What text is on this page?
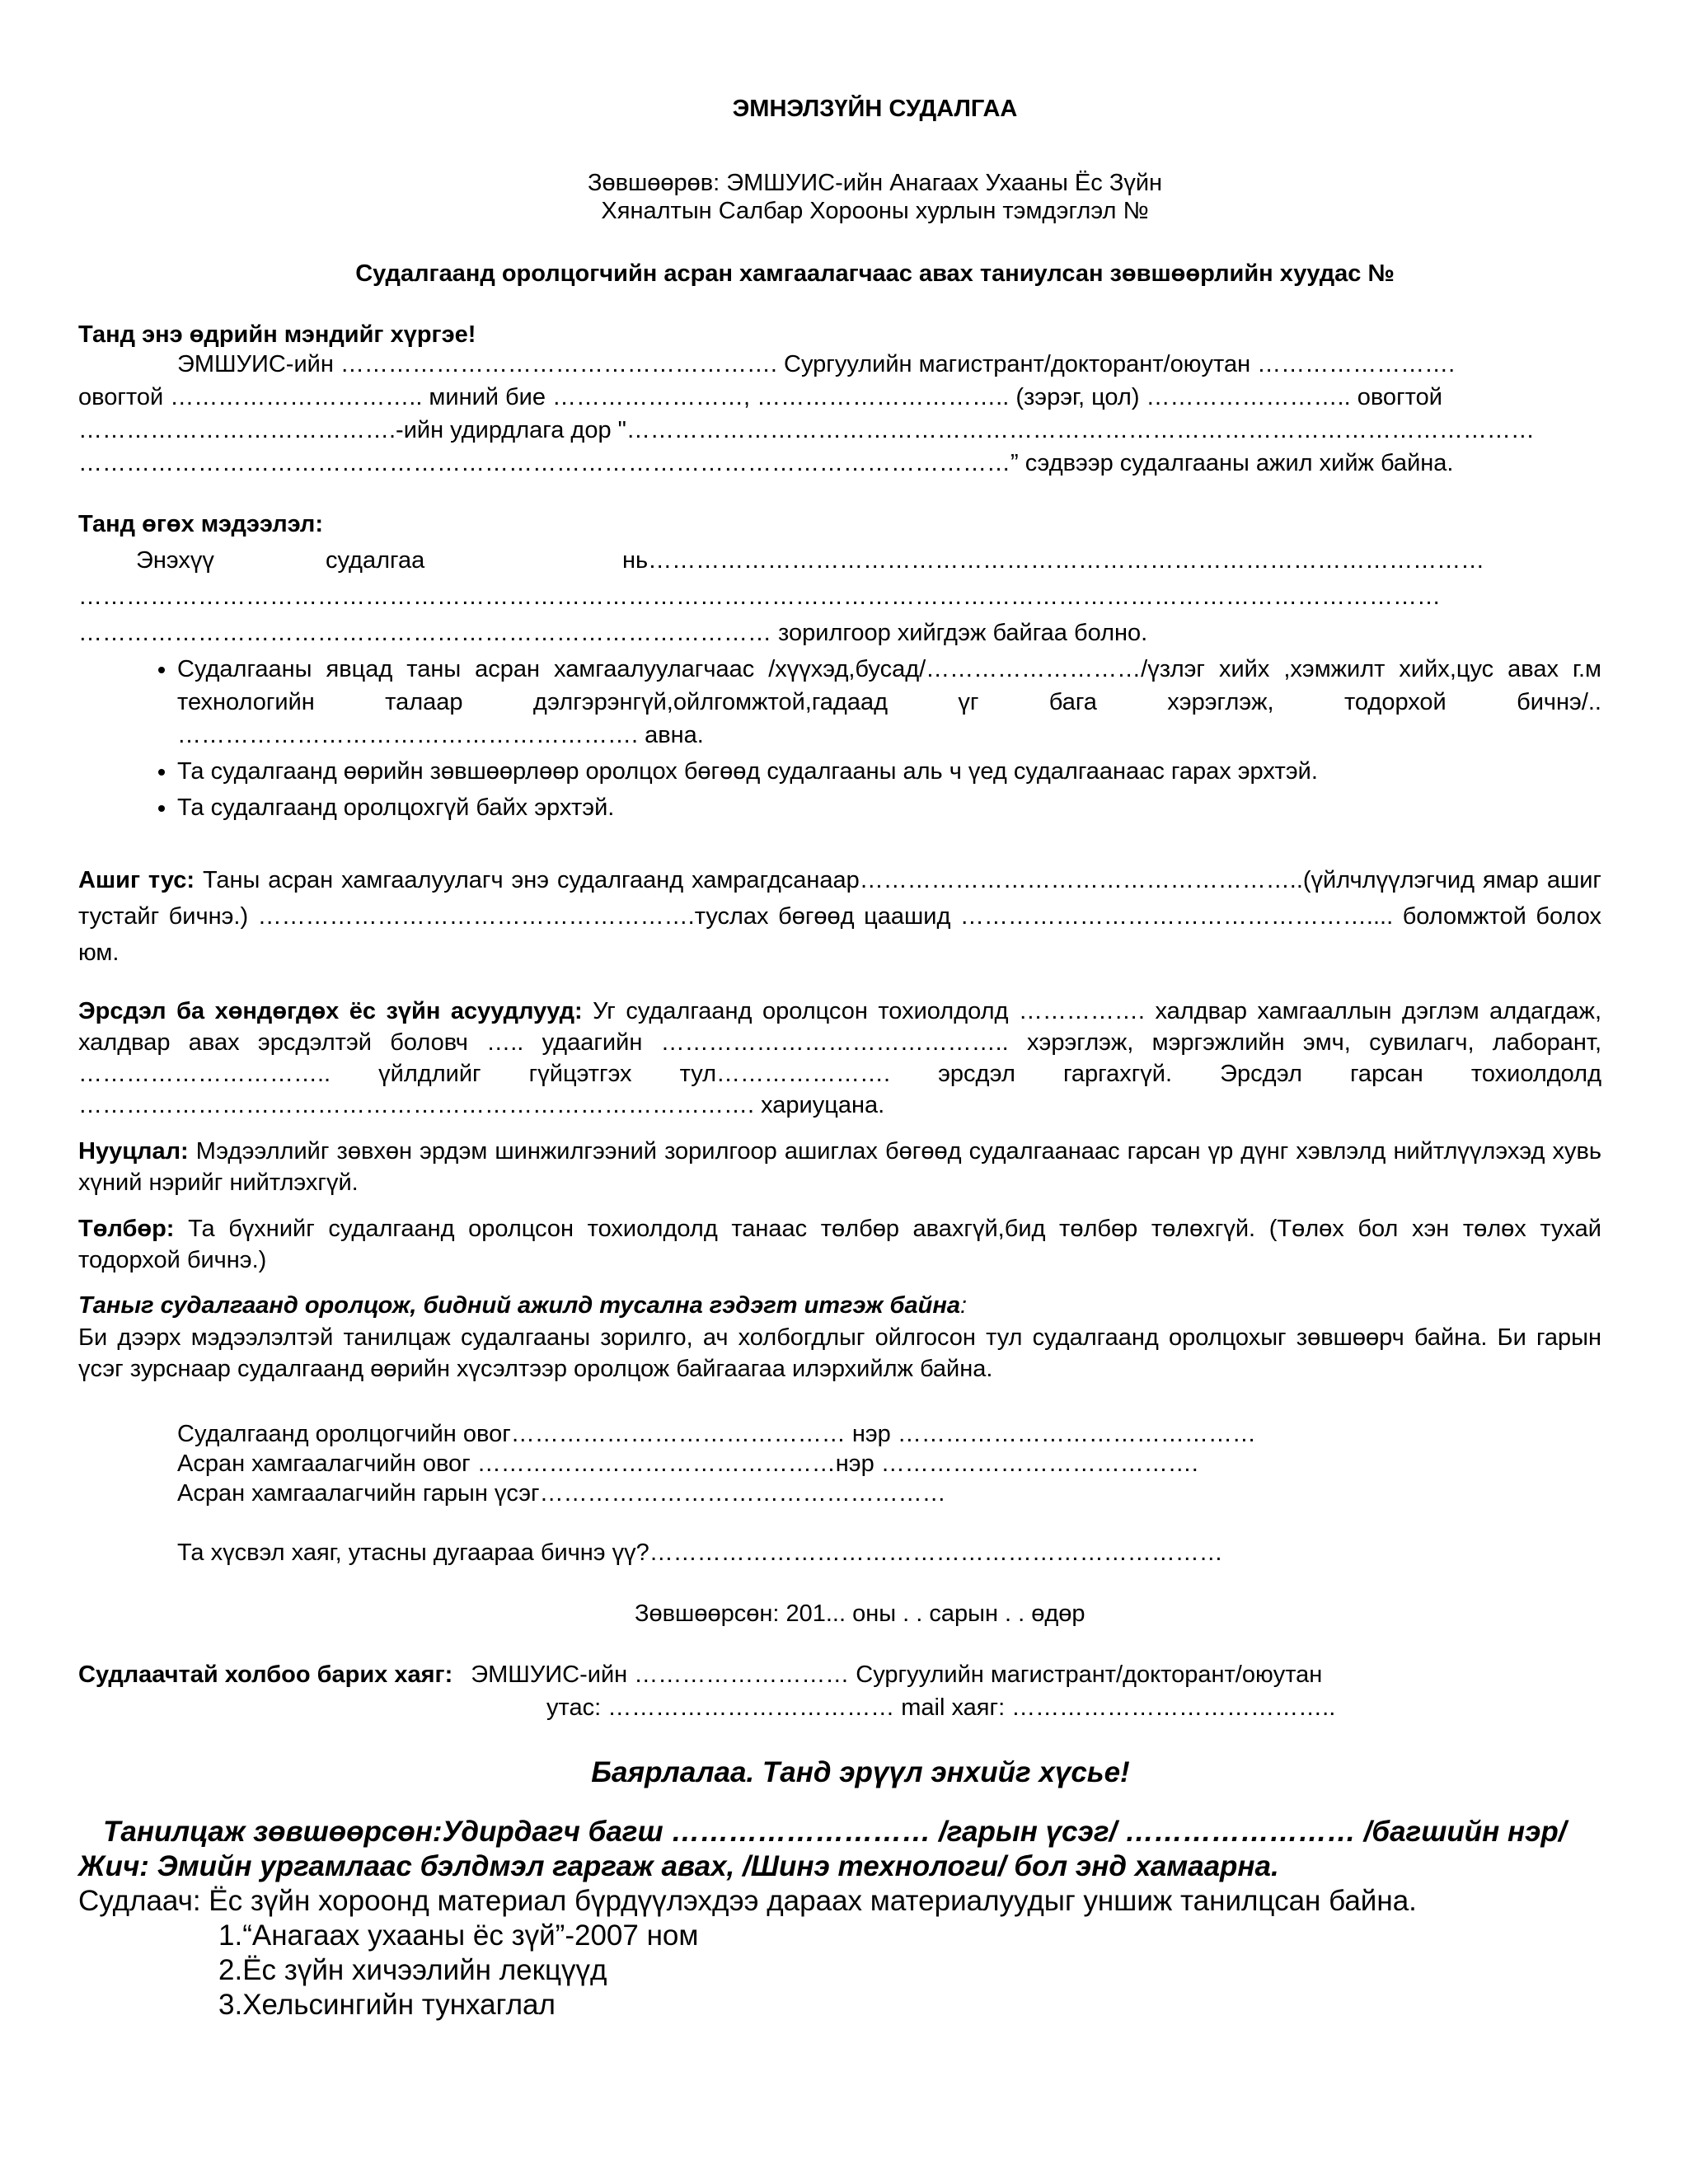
ЭМНЭЛЗҮЙН СУДАЛГАА
Зөвшөөрөв: ЭМШУИС-ийн Анагаах Ухааны Ёс Зүйн
Хяналтын Салбар Хорооны хурлын тэмдэглэл №
Судалгаанд оролцогчийн асран хамгаалагчаас авах таниулсан зөвшөөрлийн хуудас №
Танд энэ өдрийн мэндийг хүргэе!
ЭМШУИС-ийн ………………………………………………. Сургуулийн магистрант/докторант/оюутан …………………….
овогтой ………………………….. миний бие ……………………, ………………………….. (зэрэг, цол) …………………….. овогтой
………………………………….-ийн удирдлага дор "……………………………………………………………………………………………………
………………………………………………………………………………………………………” сэдвээр судалгааны ажил хийж байна.
Танд өгөх мэдээлэл:
Энэхүү	судалгаа	нь……………………………………………………………………………………………
………………………………………………………………………………………………………………………………………………………
…………………………………………………………………………… зорилгоор хийгдэж байгаа болно.
• Судалгааны явцад таны асран хамгаалуулагчаас /хүүхэд,бусад/………………………/үзлэг хийх ,хэмжилт хийх,цус авах г.м технологийн талаар дэлгэрэнгүй,ойлгомжтой,гадаад үг бага хэрэглэж, тодорхой бичнэ/.. …………………………………………………. авна.
• Та судалгаанд өөрийн зөвшөөрлөөр оролцох бөгөөд судалгааны аль ч үед судалгаанаас гарах эрхтэй.
• Та судалгаанд оролцохгүй байх эрхтэй.
Ашиг тус: Таны асран хамгаалуулагч энэ судалгаанд хамрагдсанаар………………………………………………..(үйлчлүүлэгчид ямар ашиг тустайг бичнэ.) ……………………………………………….туслах бөгөөд цаашид …………………………………………….... боломжтой болох юм.
Эрсдэл ба хөндөгдөх ёс зүйн асуудлууд: Уг судалгаанд оролцсон тохиолдолд ……………. халдвар хамгааллын дэглэм алдагдаж, халдвар авах эрсдэлтэй боловч ….. удаагийн …………………………………….. хэрэглэж, мэргэжлийн эмч, сувилагч, лаборант, ………………………….. үйлдлийг гүйцэтгэх тул…………………. эрсдэл гаргахгүй. Эрсдэл гарсан тохиолдолд …………………………………………………………………………. хариуцана.
Нууцлал: Мэдээллийг зөвхөн эрдэм шинжилгээний зорилгоор ашиглах бөгөөд судалгаанаас гарсан үр дүнг хэвлэлд нийтлүүлэхэд хувь хүний нэрийг нийтлэхгүй.
Төлбөр: Та бүхнийг судалгаанд оролцсон тохиолдолд танаас төлбөр авахгүй,бид төлбөр төлөхгүй. (Төлөх бол хэн төлөх тухай тодорхой бичнэ.)
Таныг судалгаанд оролцож, бидний ажилд тусална гэдэгт итгэж байна:
Би дээрх мэдээлэлтэй танилцаж судалгааны зорилго, ач холбогдлыг ойлгосон тул судалгаанд оролцохыг зөвшөөрч байна. Би гарын үсэг зурснаар судалгаанд өөрийн хүсэлтээр оролцож байгаагаа илэрхийлж байна.
Судалгаанд оролцогчийн овог…………………………………… нэр ………………………………………
Асран хамгаалагчийн овог ………………………………………нэр ………………………………….
Асран хамгаалагчийн гарын үсэг……………………………………………
Та хүсвэл хаяг, утасны дугаараа бичнэ үү?………………………………………………………………
Зөвшөөрсөн: 201... оны . . сарын . . өдөр
Судлаачтай холбоо барих хаяг: ЭМШУИС-ийн ……………………… Сургуулийн магистрант/докторант/оюутан
утас: ……………………………… mail хаяг: …………………………………..
Баярлалаа. Танд эрүүл энхийг хүсье!
Танилцаж зөвшөөрсөн:Удирдагч багш ……………………… /гарын үсэг/ …………………… /багшийн нэр/
Жич: Эмийн ургамлаас бэлдмэл гаргаж авах, /Шинэ технологи/ бол энд хамаарна.
Судлаач: Ёс зүйн хороонд материал бүрдүүлэхдээ дараах материалуудыг уншиж танилцсан байна.
1.“Анагаах ухааны ёс зүй”-2007 ном
2.Ёс зүйн хичээлийн лекцүүд
3.Хельсингийн тунхаглал
